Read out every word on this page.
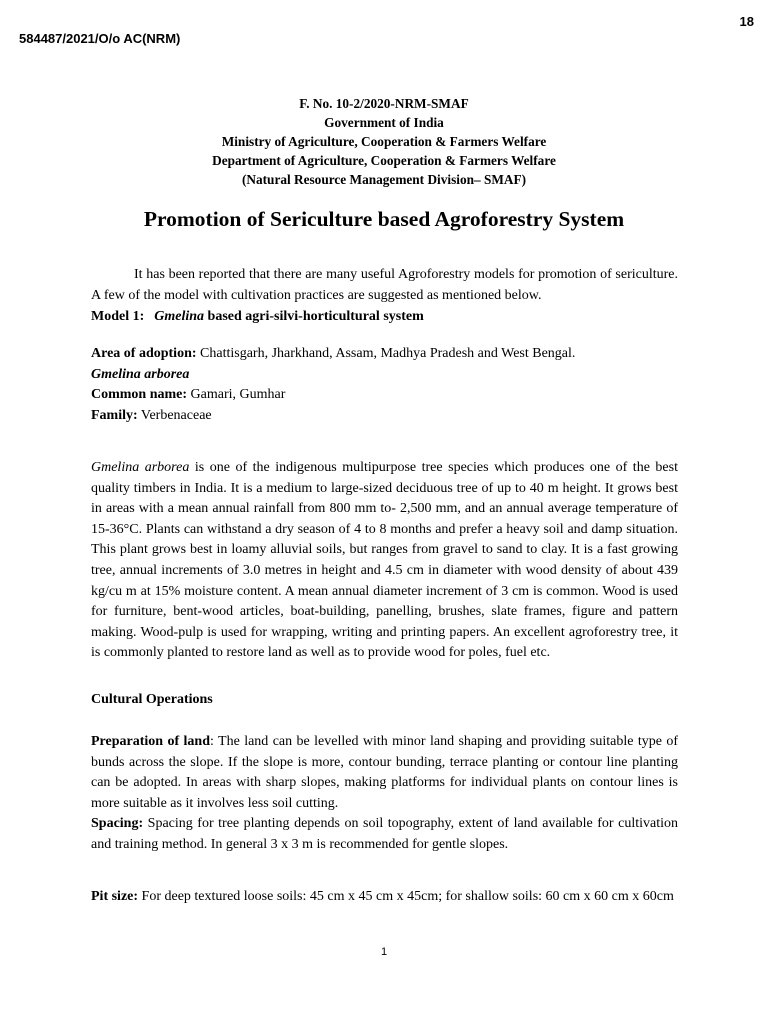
18
584487/2021/O/o AC(NRM)
F. No. 10-2/2020-NRM-SMAF
Government of India
Ministry of Agriculture, Cooperation & Farmers Welfare
Department of Agriculture, Cooperation & Farmers Welfare
(Natural Resource Management Division– SMAF)
Promotion of Sericulture based Agroforestry System

It has been reported that there are many useful Agroforestry models for promotion of sericulture. A few of the model with cultivation practices are suggested as mentioned below.

Model 1: Gmelina based agri-silvi-horticultural system
Area of adoption: Chattisgarh, Jharkhand, Assam, Madhya Pradesh and West Bengal.
Gmelina arborea
Common name: Gamari, Gumhar
Family: Verbenaceae

Gmelina arborea is one of the indigenous multipurpose tree species which produces one of the best quality timbers in India. It is a medium to large-sized deciduous tree of up to 40 m height. It grows best in areas with a mean annual rainfall from 800 mm to- 2,500 mm, and an annual average temperature of 15-36°C. Plants can withstand a dry season of 4 to 8 months and prefer a heavy soil and damp situation. This plant grows best in loamy alluvial soils, but ranges from gravel to sand to clay. It is a fast growing tree, annual increments of 3.0 metres in height and 4.5 cm in diameter with wood density of about 439 kg/cu m at 15% moisture content. A mean annual diameter increment of 3 cm is common. Wood is used for furniture, bent-wood articles, boat-building, panelling, brushes, slate frames, figure and pattern making. Wood-pulp is used for wrapping, writing and printing papers. An excellent agroforestry tree, it is commonly planted to restore land as well as to provide wood for poles, fuel etc.

Cultural Operations

Preparation of land: The land can be levelled with minor land shaping and providing suitable type of bunds across the slope. If the slope is more, contour bunding, terrace planting or contour line planting can be adopted. In areas with sharp slopes, making platforms for individual plants on contour lines is more suitable as it involves less soil cutting.

Spacing: Spacing for tree planting depends on soil topography, extent of land available for cultivation and training method. In general 3 x 3 m is recommended for gentle slopes.

Pit size: For deep textured loose soils: 45 cm x 45 cm x 45cm; for shallow soils: 60 cm x 60 cm x 60cm

1
